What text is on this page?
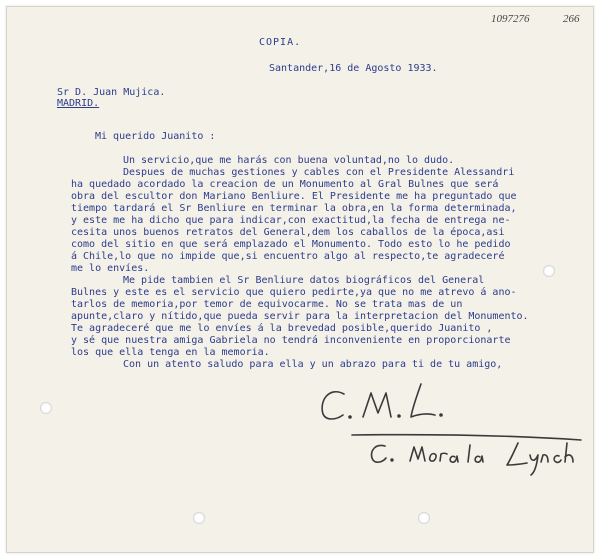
1097276	266
COPIA.
Santander,16 de Agosto 1933.
Sr D. Juan Mujica.
MADRID.
Mi querido Juanito :
Un servicio,que me harás con buena voluntad,no lo dudo.
Despues de muchas gestiones y cables con el Presidente Alessandri
ha quedado acordado la creacion de un Monumento al Gral Bulnes que será
obra del escultor don Mariano Benliure. El Presidente me ha preguntado que
tiempo tardará el Sr Benliure en terminar la obra,en la forma determinada,
y este me ha dicho que para indicar,con exactitud,la fecha de entrega ne-
cesita unos buenos retratos del General,dem los caballos de la época,asi
como del sitio en que será emplazado el Monumento. Todo esto lo he pedido
á Chile,lo que no impide que,si encuentro algo al respecto,te agradeceré
me lo envíes.
Me pide tambien el Sr Benliure datos biográficos del General
Bulnes y este es el servicio que quiero pedirte,ya que no me atrevo á ano-
tarlos de memoria,por temor de equivocarme. No se trata mas de un
apunte,claro y nítido,que pueda servir para la interpretacion del Monumento.
Te agradeceré que me lo envíes á la brevedad posible,querido Juanito ,
y sé que nuestra amiga Gabriela no tendrá inconveniente en proporcionarte
los que ella tenga en la memoria.
Con un atento saludo para ella y un abrazo para ti de tu amigo,
